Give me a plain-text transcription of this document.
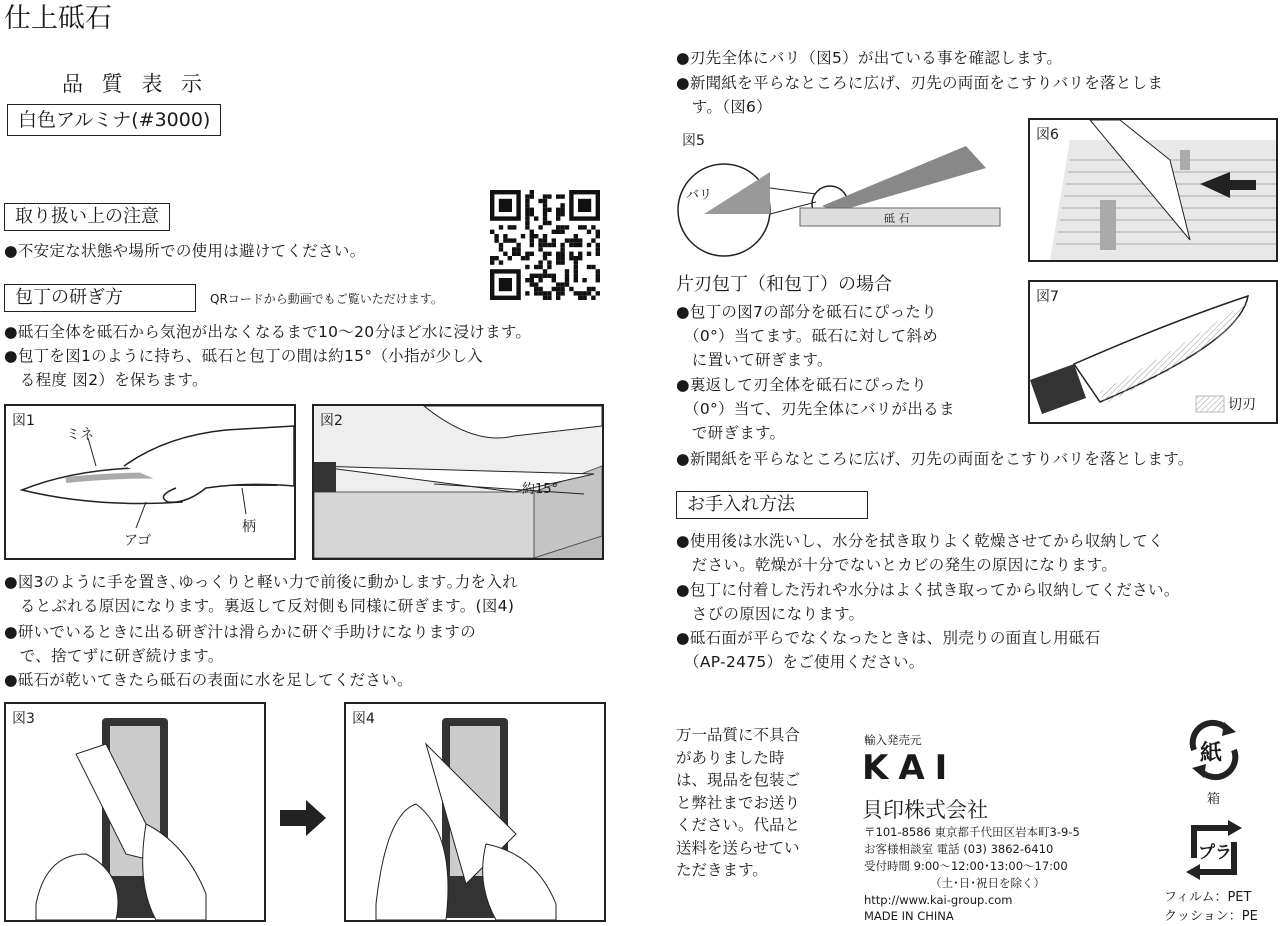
仕上砥石
品 質 表 示
白色アルミナ(#3000)
取り扱い上の注意
●不安定な状態や場所での使用は避けてください。
包丁の研ぎ方	QRコードから動画でもご覧いただけます。
●砥石全体を砥石から気泡が出なくなるまで10～20分ほど水に浸けます。
●包丁を図1のように持ち、砥石と包丁の間は約15°（小指が少し入
　る程度 図2）を保ちます。
図1
ミネ
アゴ
柄
図2
約15°
●図3のように手を置き､ゆっくりと軽い力で前後に動かします｡力を入れ
　るとぶれる原因になります。裏返して反対側も同様に研ぎます。(図4)
●研いでいるときに出る研ぎ汁は滑らかに研ぐ手助けになりますの
　で、捨てずに研ぎ続けます。
●砥石が乾いてきたら砥石の表面に水を足してください。
図3	図4
●刃先全体にバリ（図5）が出ている事を確認します。
●新聞紙を平らなところに広げ、刃先の両面をこすりバリを落としま
　す。（図6）
図5
バリ
砥 石
図6
片刃包丁（和包丁）の場合
●包丁の図7の部分を砥石にぴったり
　（0°）当てます。砥石に対して斜め
　に置いて研ぎます。
●裏返して刃全体を砥石にぴったり
　（0°）当て、刃先全体にバリが出るま
　で研ぎます。
図7
切刃
●新聞紙を平らなところに広げ、刃先の両面をこすりバリを落とします。
お手入れ方法
●使用後は水洗いし、水分を拭き取りよく乾燥させてから収納してく
　ださい。乾燥が十分でないとカビの発生の原因になります。
●包丁に付着した汚れや水分はよく拭き取ってから収納してください。
　さびの原因になります。
●砥石面が平らでなくなったときは、別売りの面直し用砥石
　（AP-2475）をご使用ください。
万一品質に不具合
がありました時
は、現品を包装ご
と弊社までお送り
ください。代品と
送料を送らせてい
ただきます。
輸入発売元
KAI
貝印株式会社
〒101-8586 東京都千代田区岩本町3-9-5
お客様相談室 電話 (03) 3862-6410
受付時間 9:00～12:00･13:00～17:00
（土･日･祝日を除く）
http://www.kai-group.com
MADE IN CHINA
紙
箱
プラ
フィルム：PET
クッション：PE
